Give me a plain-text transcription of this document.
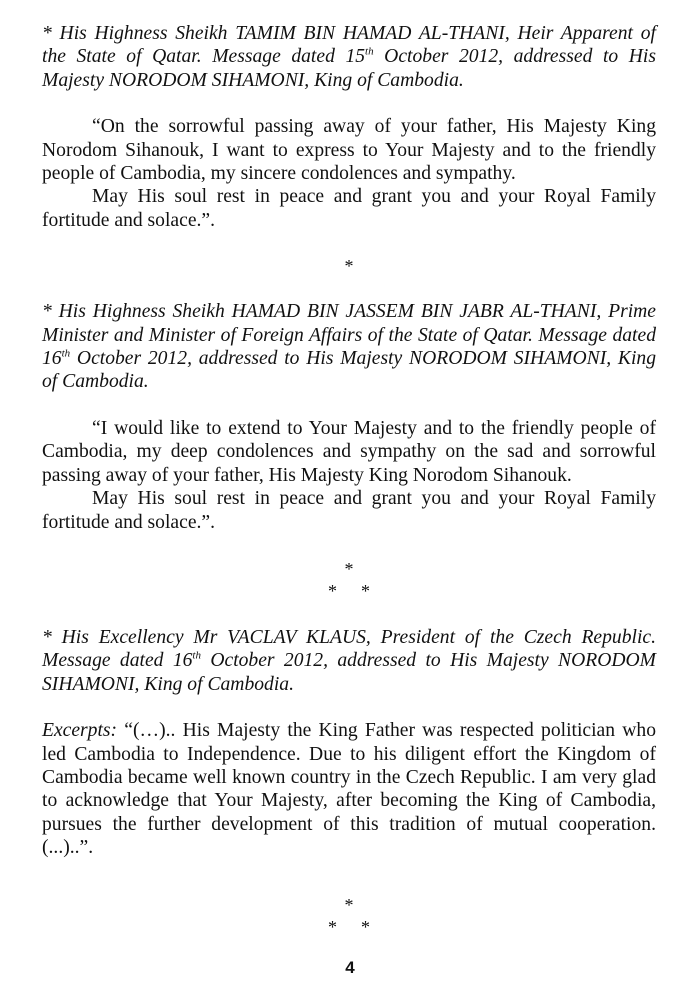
* His Highness Sheikh TAMIM BIN HAMAD AL-THANI, Heir Apparent of the State of Qatar. Message dated 15th October 2012, addressed to His Majesty NORODOM SIHAMONI, King of Cambodia.

“On the sorrowful passing away of your father, His Majesty King Norodom Sihanouk, I want to express to Your Majesty and to the friendly people of Cambodia, my sincere condolences and sympathy.

May His soul rest in peace and grant you and your Royal Family fortitude and solace.”.

*

* His Highness Sheikh HAMAD BIN JASSEM BIN JABR AL-THANI, Prime Minister and Minister of Foreign Affairs of the State of Qatar. Message dated 16th October 2012, addressed to His Majesty NORODOM SIHAMONI, King of Cambodia.

“I would like to extend to Your Majesty and to the friendly people of Cambodia, my deep condolences and sympathy on the sad and sorrowful passing away of your father, His Majesty King Norodom Sihanouk.

May His soul rest in peace and grant you and your Royal Family fortitude and solace.”.

*

* *

* His Excellency Mr VACLAV KLAUS, President of the Czech Republic. Message dated 16th October 2012, addressed to His Majesty NORODOM SIHAMONI, King of Cambodia.

Excerpts: “(…).. His Majesty the King Father was respected politician who led Cambodia to Independence. Due to his diligent effort the Kingdom of Cambodia became well known country in the Czech Republic. I am very glad to acknowledge that Your Majesty, after becoming the King of Cambodia, pursues the further development of this tradition of mutual cooperation. (...)..”.

*

* *

4
